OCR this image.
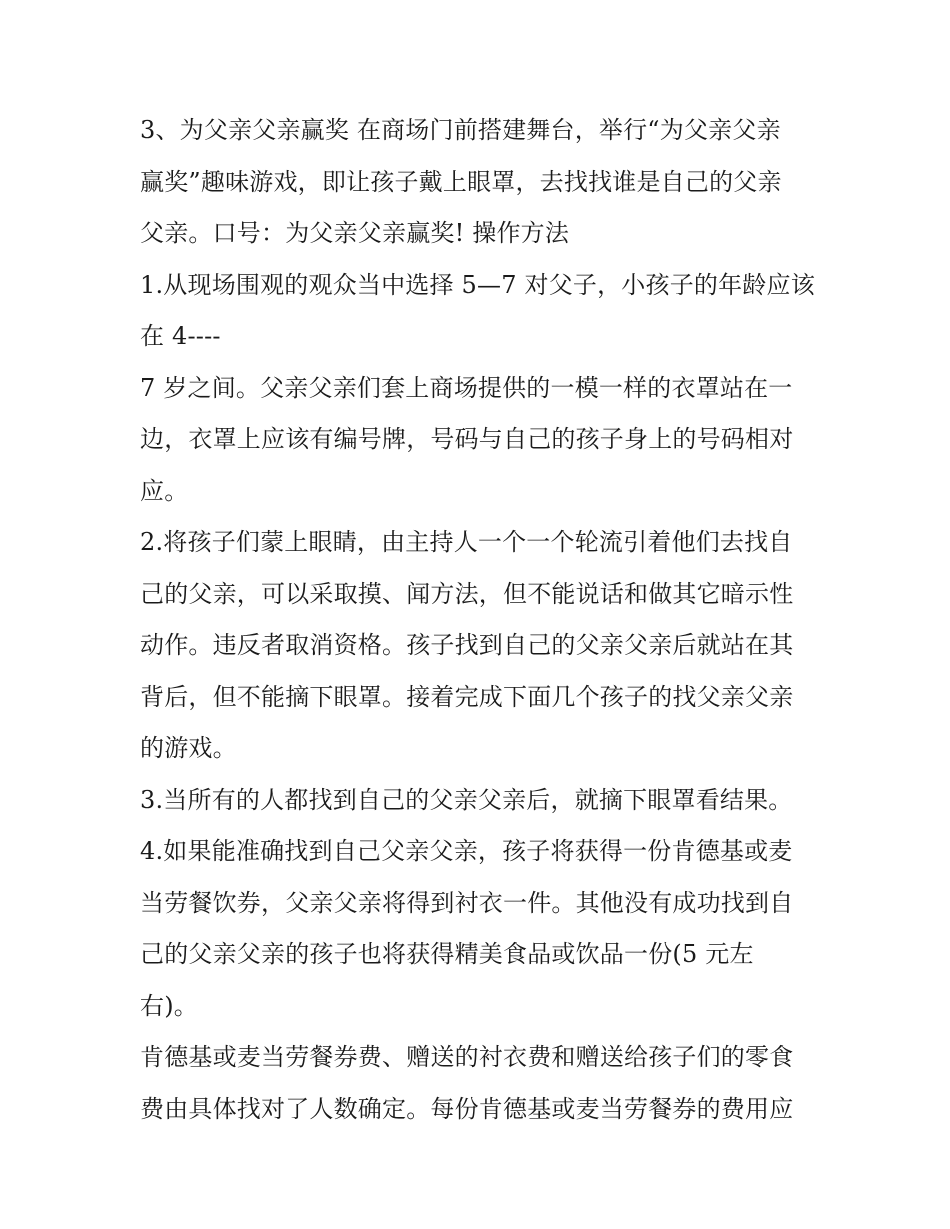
3、为父亲父亲赢奖 在商场门前搭建舞台，举行“为父亲父亲
赢奖”趣味游戏，即让孩子戴上眼罩，去找找谁是自己的父亲
父亲。口号：为父亲父亲赢奖! 操作方法
1.从现场围观的观众当中选择 5—7 对父子，小孩子的年龄应该
在 4----
7 岁之间。父亲父亲们套上商场提供的一模一样的衣罩站在一
边，衣罩上应该有编号牌，号码与自己的孩子身上的号码相对
应。
2.将孩子们蒙上眼睛，由主持人一个一个轮流引着他们去找自
己的父亲，可以采取摸、闻方法，但不能说话和做其它暗示性
动作。违反者取消资格。孩子找到自己的父亲父亲后就站在其
背后，但不能摘下眼罩。接着完成下面几个孩子的找父亲父亲
的游戏。
3.当所有的人都找到自己的父亲父亲后，就摘下眼罩看结果。
4.如果能准确找到自己父亲父亲，孩子将获得一份肯德基或麦
当劳餐饮券，父亲父亲将得到衬衣一件。其他没有成功找到自
己的父亲父亲的孩子也将获得精美食品或饮品一份(5 元左
右)。
肯德基或麦当劳餐券费、赠送的衬衣费和赠送给孩子们的零食
费由具体找对了人数确定。每份肯德基或麦当劳餐券的费用应
